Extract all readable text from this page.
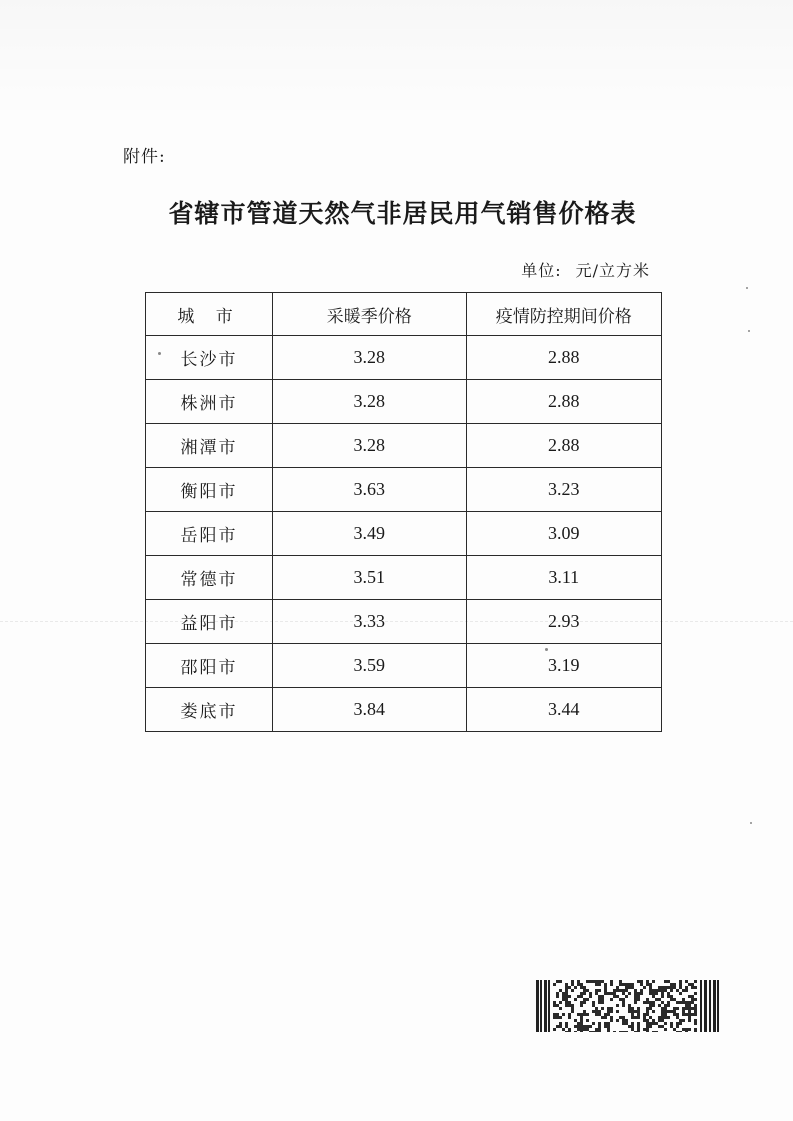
附件:
省辖市管道天然气非居民用气销售价格表
单位: 元/立方米
城 市	采暖季价格	疫情防控期间价格
长沙市	3.28	2.88
株洲市	3.28	2.88
湘潭市	3.28	2.88
衡阳市	3.63	3.23
岳阳市	3.49	3.09
常德市	3.51	3.11
益阳市	3.33	2.93
邵阳市	3.59	3.19
娄底市	3.84	3.44
